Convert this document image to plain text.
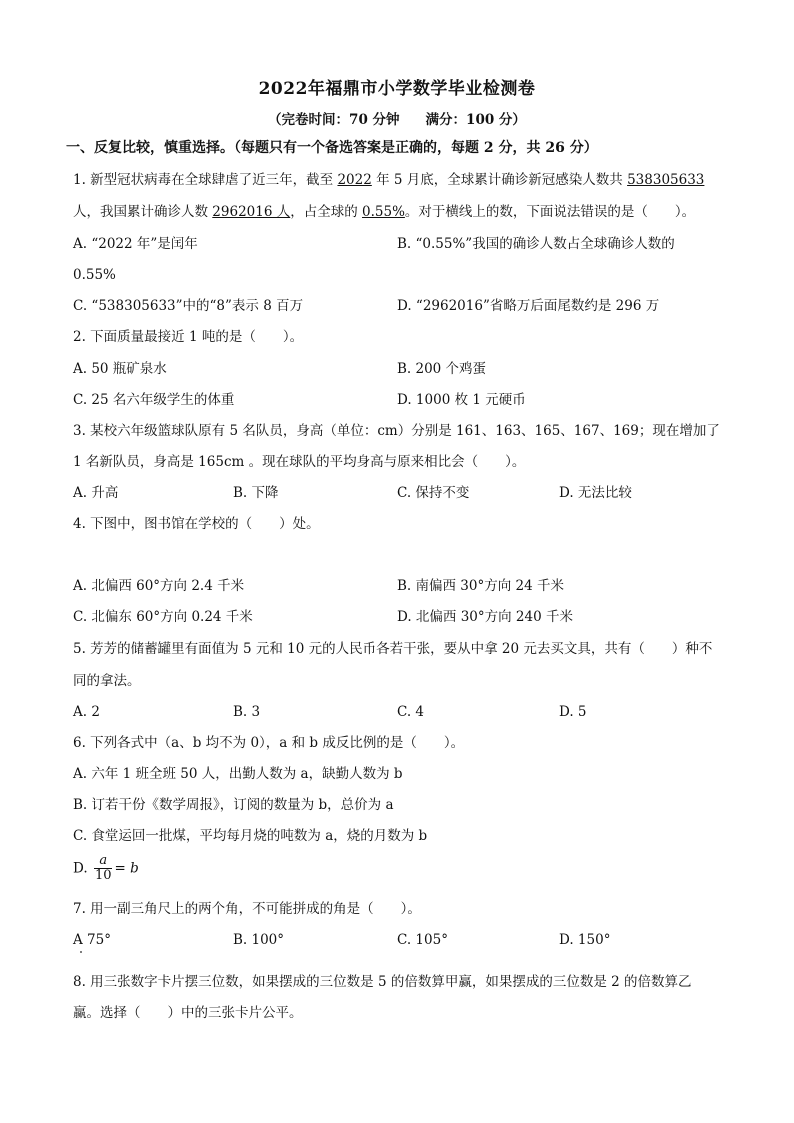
2022年福鼎市小学数学毕业检测卷
（完卷时间：70 分钟 满分：100 分）
一、反复比较，慎重选择。（每题只有一个备选答案是正确的，每题 2 分，共 26 分）
1. 新型冠状病毒在全球肆虐了近三年，截至 2022 年 5 月底，全球累计确诊新冠感染人数共 538305633
人，我国累计确诊人数 2962016 人，占全球的 0.55%。对于横线上的数，下面说法错误的是（　　）。
A. “2022 年”是闰年	B. “0.55%”我国的确诊人数占全球确诊人数的
0.55%
C. “538305633”中的“8”表示 8 百万	D. “2962016”省略万后面尾数约是 296 万
2. 下面质量最接近 1 吨的是（　　）。
A. 50 瓶矿泉水	B. 200 个鸡蛋
C. 25 名六年级学生的体重	D. 1000 枚 1 元硬币
3. 某校六年级篮球队原有 5 名队员，身高（单位：cm）分别是 161、163、165、167、169；现在增加了
1 名新队员，身高是 165cm 。现在球队的平均身高与原来相比会（　　）。
A. 升高	B. 下降	C. 保持不变	D. 无法比较
4. 下图中，图书馆在学校的（　　）处。
A. 北偏西 60°方向 2.4 千米	B. 南偏西 30°方向 24 千米
C. 北偏东 60°方向 0.24 千米	D. 北偏西 30°方向 240 千米
5. 芳芳的储蓄罐里有面值为 5 元和 10 元的人民币各若干张，要从中拿 20 元去买文具，共有（　　）种不
同的拿法。
A. 2	B. 3	C. 4	D. 5
6. 下列各式中（a、b 均不为 0），a 和 b 成反比例的是（　　）。
A. 六年 1 班全班 50 人，出勤人数为 a，缺勤人数为 b
B. 订若干份《数学周报》，订阅的数量为 b，总价为 a
C. 食堂运回一批煤，平均每月烧的吨数为 a，烧的月数为 b
D. $\frac{a}{10} = b$
7. 用一副三角尺上的两个角，不可能拼成的角是（　　）。
A 75°	B. 100°	C. 105°	D. 150°
8. 用三张数字卡片摆三位数，如果摆成的三位数是 5 的倍数算甲赢，如果摆成的三位数是 2 的倍数算乙
赢。选择（　　）中的三张卡片公平。
